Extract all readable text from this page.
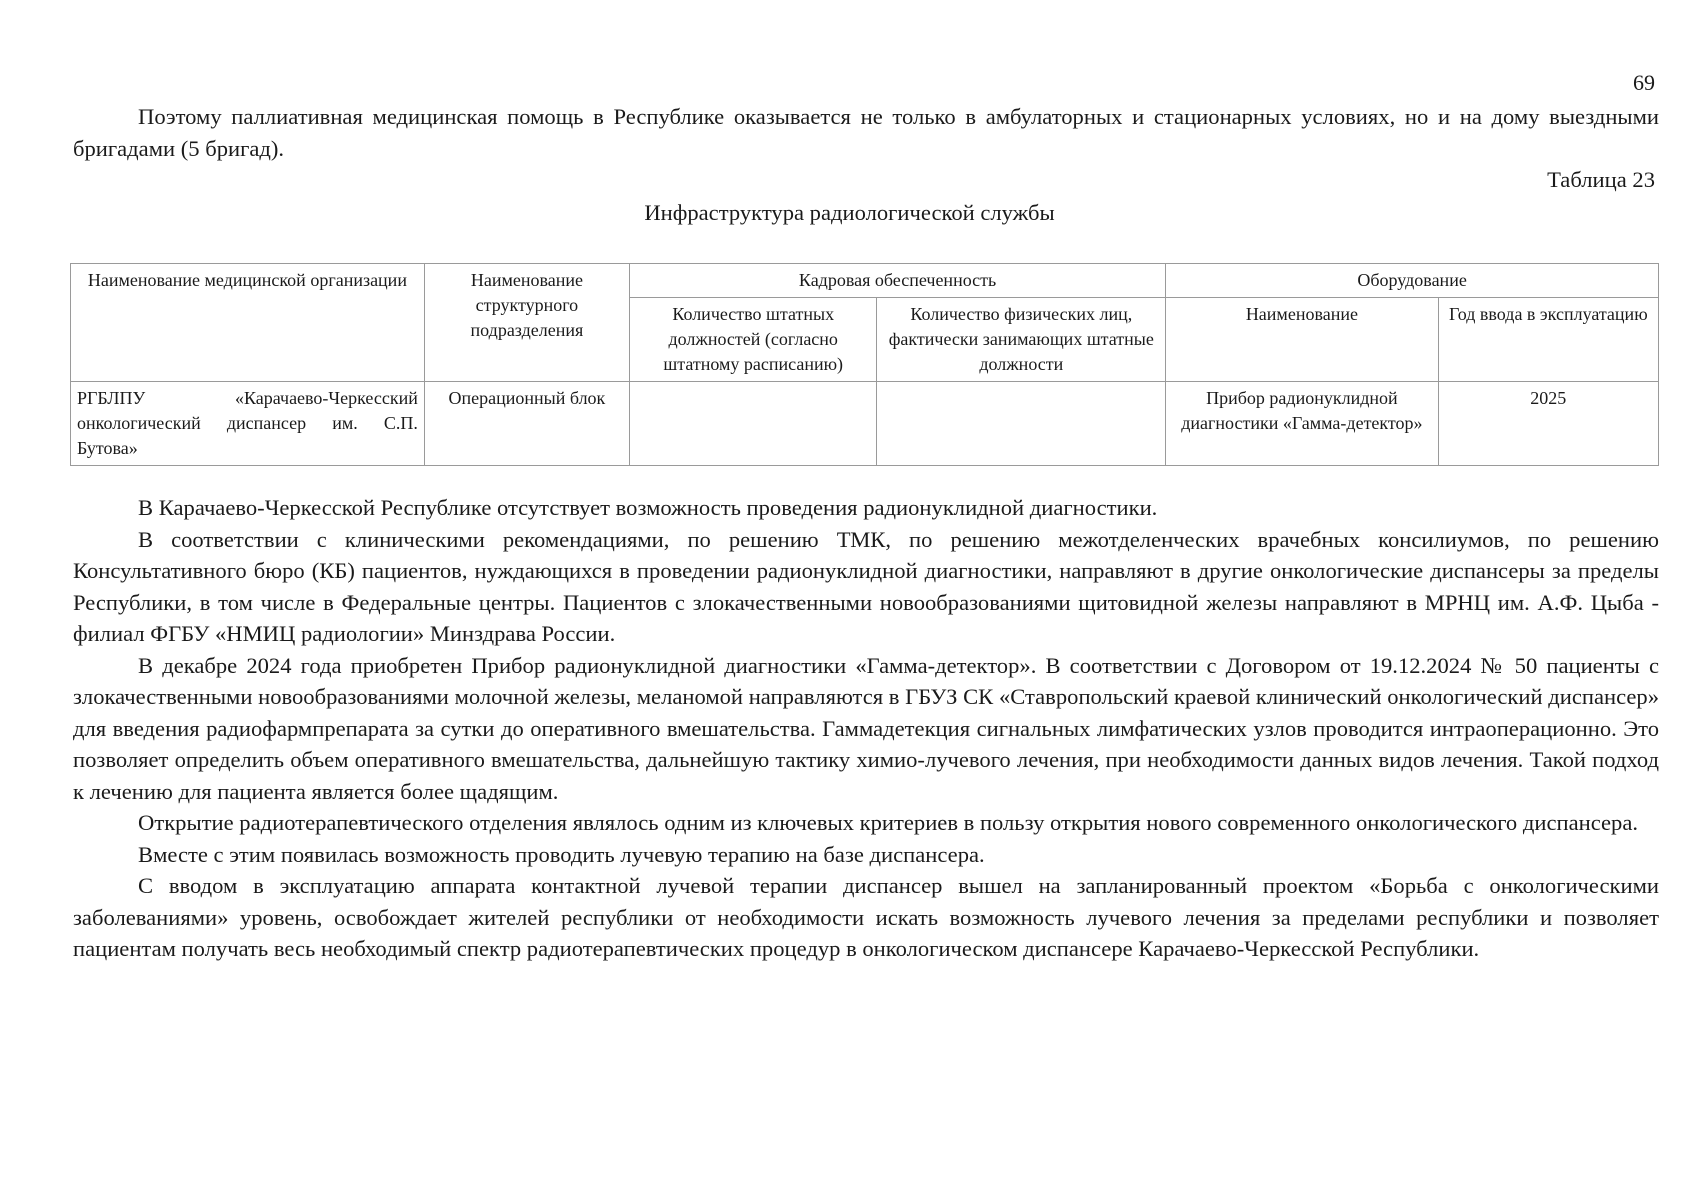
69

Поэтому паллиативная медицинская помощь в Республике оказывается не только в амбулаторных и стационарных условиях, но и на дому выездными бригадами (5 бригад).

Таблица 23
Инфраструктура радиологической службы
Наименование медицинской организации	Наименование структурного подразделения	Кадровая обеспеченность		Оборудование	
		Количество штатных должностей (согласно штатному расписанию)	Количество физических лиц, фактически занимающих штатные должности	Наименование	Год ввода в эксплуатацию
РГБЛПУ «Карачаево-Черкесский онкологический диспансер им. С.П. Бутова»	Операционный блок			Прибор радионуклидной диагностики «Гамма-детектор»	2025

В Карачаево-Черкесской Республике отсутствует возможность проведения радионуклидной диагностики.

В соответствии с клиническими рекомендациями, по решению ТМК, по решению межотделенческих врачебных консилиумов, по решению Консультативного бюро (КБ) пациентов, нуждающихся в проведении радионуклидной диагностики, направляют в другие онкологические диспансеры за пределы Республики, в том числе в Федеральные центры. Пациентов с злокачественными новообразованиями щитовидной железы направляют в МРНЦ им. А.Ф. Цыба - филиал ФГБУ «НМИЦ радиологии» Минздрава России.

В декабре 2024 года приобретен Прибор радионуклидной диагностики «Гамма-детектор». В соответствии с Договором от 19.12.2024 № 50 пациенты с злокачественными новообразованиями молочной железы, меланомой направляются в ГБУЗ СК «Ставропольский краевой клинический онкологический диспансер» для введения радиофармпрепарата за сутки до оперативного вмешательства. Гаммадетекция сигнальных лимфатических узлов проводится интраоперационно. Это позволяет определить объем оперативного вмешательства, дальнейшую тактику химио-лучевого лечения, при необходимости данных видов лечения. Такой подход к лечению для пациента является более щадящим.

Открытие радиотерапевтического отделения являлось одним из ключевых критериев в пользу открытия нового современного онкологического диспансера.

Вместе с этим появилась возможность проводить лучевую терапию на базе диспансера.

С вводом в эксплуатацию аппарата контактной лучевой терапии диспансер вышел на запланированный проектом «Борьба с онкологическими заболеваниями» уровень, освобождает жителей республики от необходимости искать возможность лучевого лечения за пределами республики и позволяет пациентам получать весь необходимый спектр радиотерапевтических процедур в онкологическом диспансере Карачаево-Черкесской Республики.
